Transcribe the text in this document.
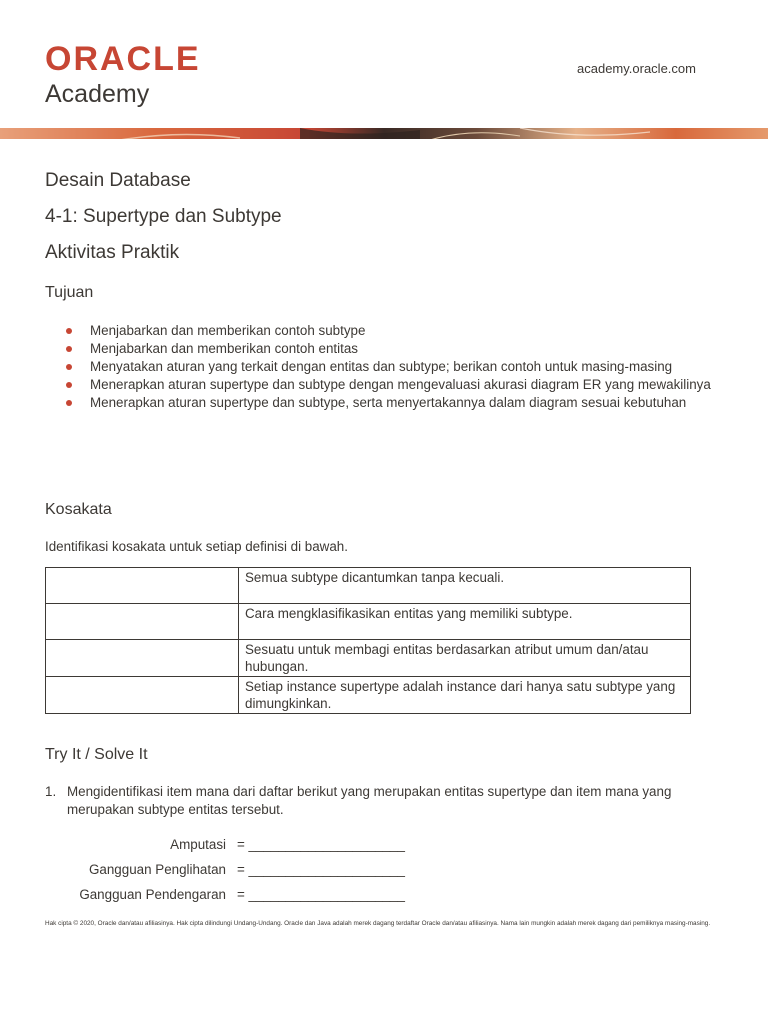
ORACLE
Academy
academy.oracle.com
Desain Database
4-1: Supertype dan Subtype
Aktivitas Praktik
Tujuan
Menjabarkan dan memberikan contoh subtype
Menjabarkan dan memberikan contoh entitas
Menyatakan aturan yang terkait dengan entitas dan subtype; berikan contoh untuk masing-masing
Menerapkan aturan supertype dan subtype dengan mengevaluasi akurasi diagram ER yang mewakilinya
Menerapkan aturan supertype dan subtype, serta menyertakannya dalam diagram sesuai kebutuhan
Kosakata
Identifikasi kosakata untuk setiap definisi di bawah.
	Semua subtype dicantumkan tanpa kecuali.
	Cara mengklasifikasikan entitas yang memiliki subtype.
	Sesuatu untuk membagi entitas berdasarkan atribut umum dan/atau hubungan.
	Setiap instance supertype adalah instance dari hanya satu subtype yang dimungkinkan.
Try It / Solve It
1. Mengidentifikasi item mana dari daftar berikut yang merupakan entitas supertype dan item mana yang merupakan subtype entitas tersebut.
Amputasi = _____________________
Gangguan Penglihatan = _____________________
Gangguan Pendengaran = _____________________
Hak cipta © 2020, Oracle dan/atau afiliasinya. Hak cipta dilindungi Undang-Undang. Oracle dan Java adalah merek dagang terdaftar Oracle dan/atau afiliasinya. Nama lain mungkin adalah merek dagang dari pemiliknya masing-masing.
